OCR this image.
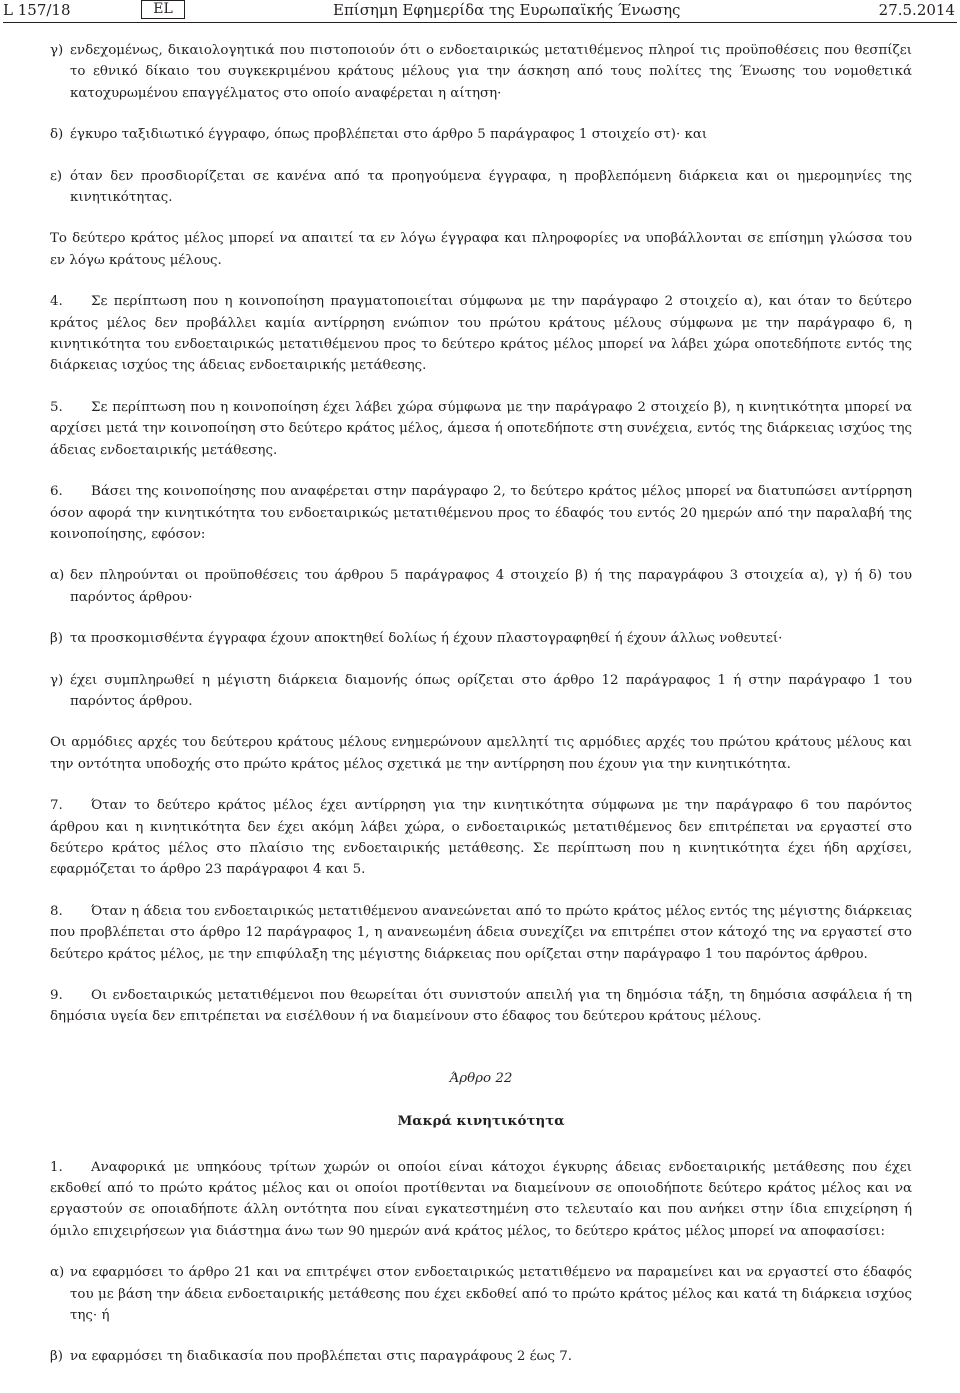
L 157/18	EL	Επίσημη Εφημερίδα της Ευρωπαϊκής Ένωσης	27.5.2014

γ) ενδεχομένως, δικαιολογητικά που πιστοποιούν ότι ο ενδοεταιρικώς μετατιθέμενος πληροί τις προϋποθέσεις που θεσπίζει το εθνικό δίκαιο του συγκεκριμένου κράτους μέλους για την άσκηση από τους πολίτες της Ένωσης του νομοθετικά κατοχυρωμένου επαγγέλματος στο οποίο αναφέρεται η αίτηση·

δ) έγκυρο ταξιδιωτικό έγγραφο, όπως προβλέπεται στο άρθρο 5 παράγραφος 1 στοιχείο στ)· και

ε) όταν δεν προσδιορίζεται σε κανένα από τα προηγούμενα έγγραφα, η προβλεπόμενη διάρκεια και οι ημερομηνίες της κινητικότητας.

Το δεύτερο κράτος μέλος μπορεί να απαιτεί τα εν λόγω έγγραφα και πληροφορίες να υποβάλλονται σε επίσημη γλώσσα του εν λόγω κράτους μέλους.

4. Σε περίπτωση που η κοινοποίηση πραγματοποιείται σύμφωνα με την παράγραφο 2 στοιχείο α), και όταν το δεύτερο κράτος μέλος δεν προβάλλει καμία αντίρρηση ενώπιον του πρώτου κράτους μέλους σύμφωνα με την παράγραφο 6, η κινητικότητα του ενδοεταιρικώς μετατιθέμενου προς το δεύτερο κράτος μέλος μπορεί να λάβει χώρα οποτεδήποτε εντός της διάρκειας ισχύος της άδειας ενδοεταιρικής μετάθεσης.

5. Σε περίπτωση που η κοινοποίηση έχει λάβει χώρα σύμφωνα με την παράγραφο 2 στοιχείο β), η κινητικότητα μπορεί να αρχίσει μετά την κοινοποίηση στο δεύτερο κράτος μέλος, άμεσα ή οποτεδήποτε στη συνέχεια, εντός της διάρκειας ισχύος της άδειας ενδοεταιρικής μετάθεσης.

6. Βάσει της κοινοποίησης που αναφέρεται στην παράγραφο 2, το δεύτερο κράτος μέλος μπορεί να διατυπώσει αντίρρηση όσον αφορά την κινητικότητα του ενδοεταιρικώς μετατιθέμενου προς το έδαφός του εντός 20 ημερών από την παραλαβή της κοινοποίησης, εφόσον:

α) δεν πληρούνται οι προϋποθέσεις του άρθρου 5 παράγραφος 4 στοιχείο β) ή της παραγράφου 3 στοιχεία α), γ) ή δ) του παρόντος άρθρου·

β) τα προσκομισθέντα έγγραφα έχουν αποκτηθεί δολίως ή έχουν πλαστογραφηθεί ή έχουν άλλως νοθευτεί·

γ) έχει συμπληρωθεί η μέγιστη διάρκεια διαμονής όπως ορίζεται στο άρθρο 12 παράγραφος 1 ή στην παράγραφο 1 του παρόντος άρθρου.

Οι αρμόδιες αρχές του δεύτερου κράτους μέλους ενημερώνουν αμελλητί τις αρμόδιες αρχές του πρώτου κράτους μέλους και την οντότητα υποδοχής στο πρώτο κράτος μέλος σχετικά με την αντίρρηση που έχουν για την κινητικότητα.

7. Όταν το δεύτερο κράτος μέλος έχει αντίρρηση για την κινητικότητα σύμφωνα με την παράγραφο 6 του παρόντος άρθρου και η κινητικότητα δεν έχει ακόμη λάβει χώρα, ο ενδοεταιρικώς μετατιθέμενος δεν επιτρέπεται να εργαστεί στο δεύτερο κράτος μέλος στο πλαίσιο της ενδοεταιρικής μετάθεσης. Σε περίπτωση που η κινητικότητα έχει ήδη αρχίσει, εφαρμόζεται το άρθρο 23 παράγραφοι 4 και 5.

8. Όταν η άδεια του ενδοεταιρικώς μετατιθέμενου ανανεώνεται από το πρώτο κράτος μέλος εντός της μέγιστης διάρκειας που προβλέπεται στο άρθρο 12 παράγραφος 1, η ανανεωμένη άδεια συνεχίζει να επιτρέπει στον κάτοχό της να εργαστεί στο δεύτερο κράτος μέλος, με την επιφύλαξη της μέγιστης διάρκειας που ορίζεται στην παράγραφο 1 του παρόντος άρθρου.

9. Οι ενδοεταιρικώς μετατιθέμενοι που θεωρείται ότι συνιστούν απειλή για τη δημόσια τάξη, τη δημόσια ασφάλεια ή τη δημόσια υγεία δεν επιτρέπεται να εισέλθουν ή να διαμείνουν στο έδαφος του δεύτερου κράτους μέλους.

Άρθρο 22

Μακρά κινητικότητα

1. Αναφορικά με υπηκόους τρίτων χωρών οι οποίοι είναι κάτοχοι έγκυρης άδειας ενδοεταιρικής μετάθεσης που έχει εκδοθεί από το πρώτο κράτος μέλος και οι οποίοι προτίθενται να διαμείνουν σε οποιοδήποτε δεύτερο κράτος μέλος και να εργαστούν σε οποιαδήποτε άλλη οντότητα που είναι εγκατεστημένη στο τελευταίο και που ανήκει στην ίδια επιχείρηση ή όμιλο επιχειρήσεων για διάστημα άνω των 90 ημερών ανά κράτος μέλος, το δεύτερο κράτος μέλος μπορεί να αποφασίσει:

α) να εφαρμόσει το άρθρο 21 και να επιτρέψει στον ενδοεταιρικώς μετατιθέμενο να παραμείνει και να εργαστεί στο έδαφός του με βάση την άδεια ενδοεταιρικής μετάθεσης που έχει εκδοθεί από το πρώτο κράτος μέλος και κατά τη διάρκεια ισχύος της· ή

β) να εφαρμόσει τη διαδικασία που προβλέπεται στις παραγράφους 2 έως 7.
